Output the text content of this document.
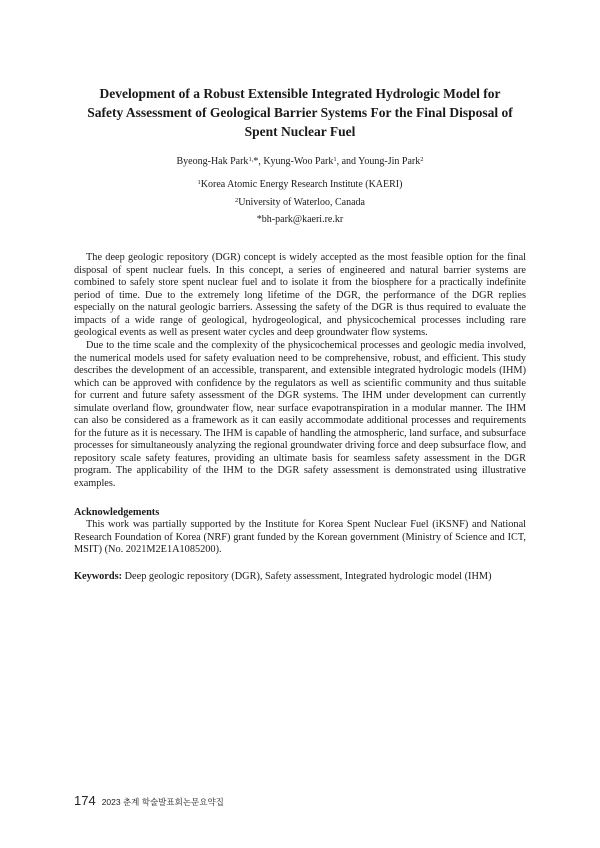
Development of a Robust Extensible Integrated Hydrologic Model for Safety Assessment of Geological Barrier Systems For the Final Disposal of Spent Nuclear Fuel
Byeong-Hak Park$^{1,}$*, Kyung-Woo Park$^1$, and Young-Jin Park$^2$
$^1$Korea Atomic Energy Research Institute (KAERI)
$^2$University of Waterloo, Canada
*bh-park@kaeri.re.kr

The deep geologic repository (DGR) concept is widely accepted as the most feasible option for the final disposal of spent nuclear fuels. In this concept, a series of engineered and natural barrier systems are combined to safely store spent nuclear fuel and to isolate it from the biosphere for a practically indefinite period of time. Due to the extremely long lifetime of the DGR, the performance of the DGR replies especially on the natural geologic barriers. Assessing the safety of the DGR is thus required to evaluate the impacts of a wide range of geological, hydrogeological, and physicochemical processes including rare geological events as well as present water cycles and deep groundwater flow systems.

Due to the time scale and the complexity of the physicochemical processes and geologic media involved, the numerical models used for safety evaluation need to be comprehensive, robust, and efficient. This study describes the development of an accessible, transparent, and extensible integrated hydrologic models (IHM) which can be approved with confidence by the regulators as well as scientific community and thus suitable for current and future safety assessment of the DGR systems. The IHM under development can currently simulate overland flow, groundwater flow, near surface evapotranspiration in a modular manner. The IHM can also be considered as a framework as it can easily accommodate additional processes and requirements for the future as it is necessary. The IHM is capable of handling the atmospheric, land surface, and subsurface processes for simultaneously analyzing the regional groundwater driving force and deep subsurface flow, and repository scale safety features, providing an ultimate basis for seamless safety assessment in the DGR program. The applicability of the IHM to the DGR safety assessment is demonstrated using illustrative examples.

Acknowledgements

This work was partially supported by the Institute for Korea Spent Nuclear Fuel (iKSNF) and National Research Foundation of Korea (NRF) grant funded by the Korean government (Ministry of Science and ICT, MSIT) (No. 2021M2E1A1085200).

Keywords: Deep geologic repository (DGR), Safety assessment, Integrated hydrologic model (IHM)

174 2023 춘계 학술발표회논문요약집
